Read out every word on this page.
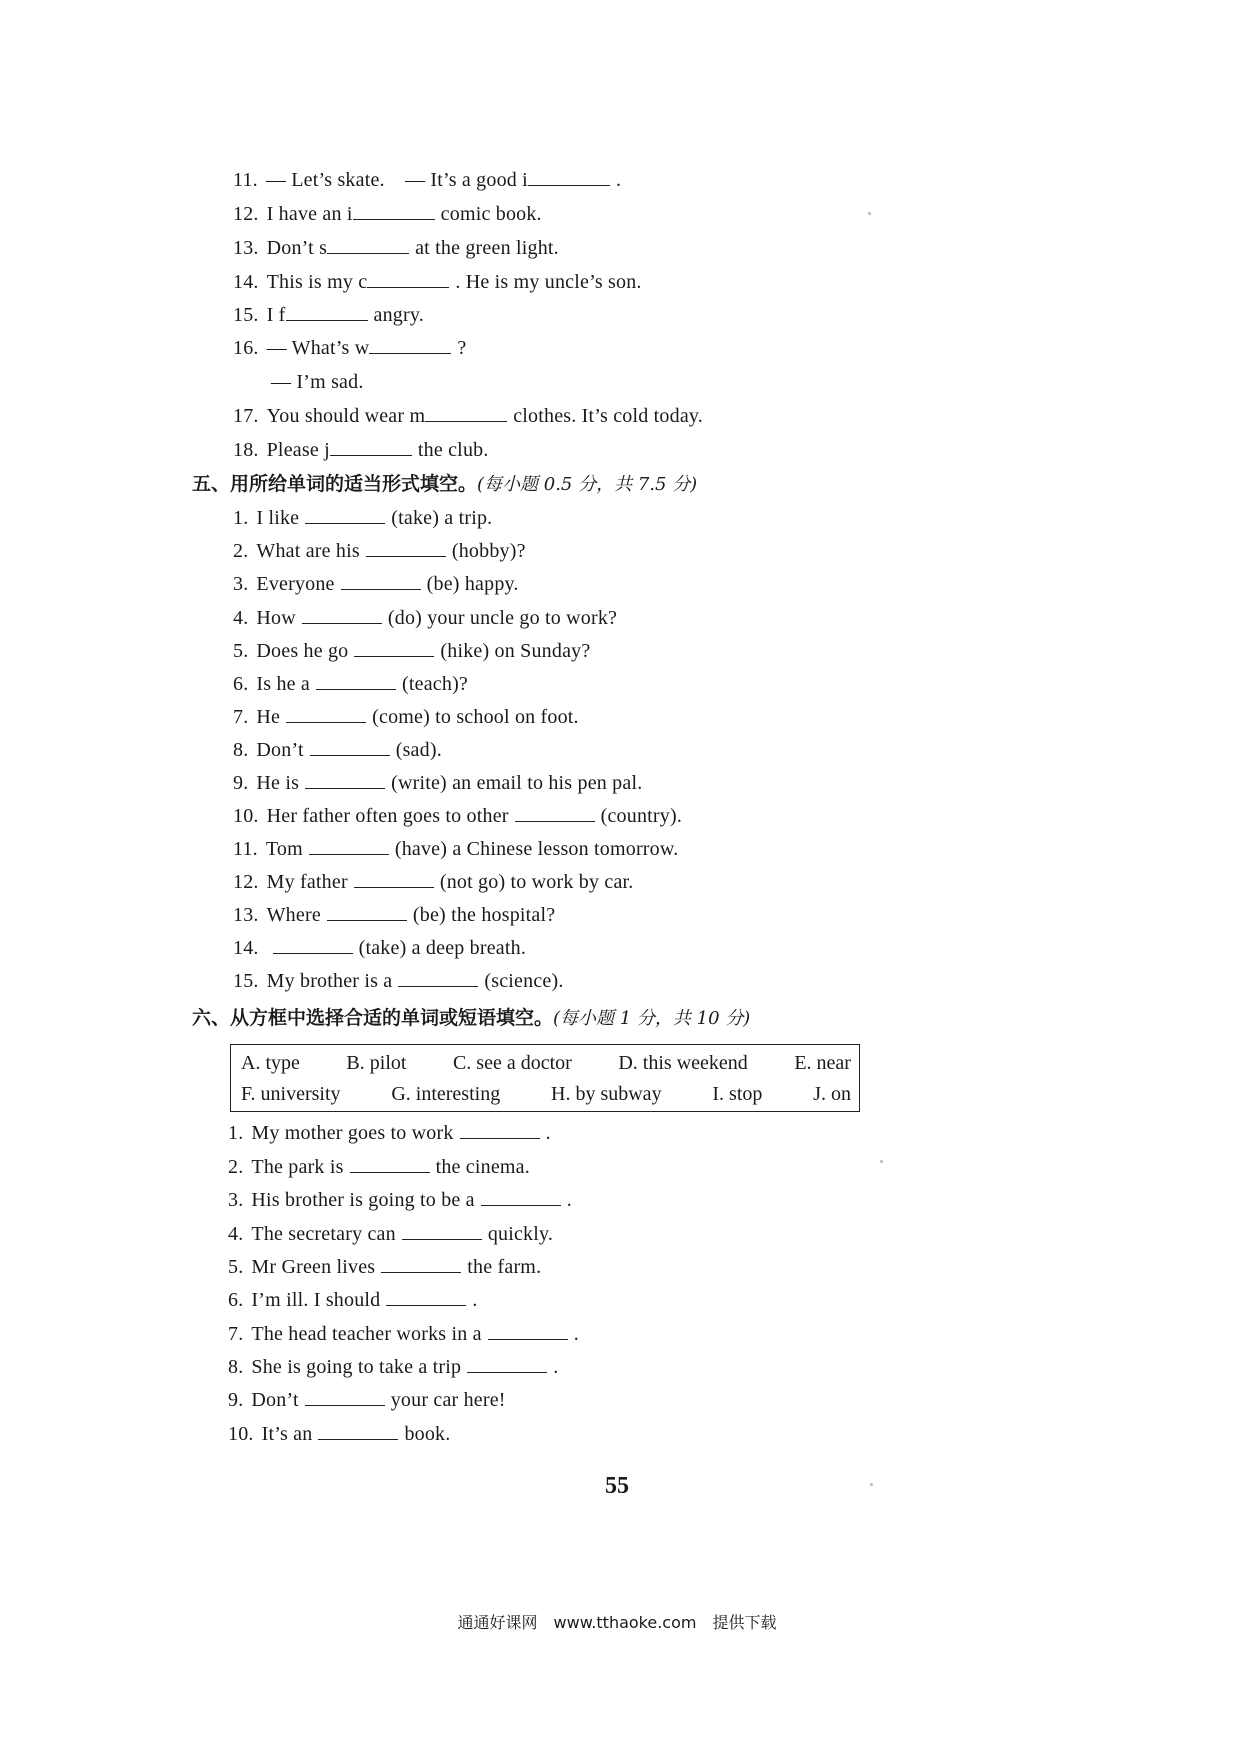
11. — Let’s skate.　— It’s a good i	.
12. I have an i	comic book.
13. Don’t s	at the green light.
14. This is my c	. He is my uncle’s son.
15. I f	angry.
16. — What’s w	?
— I’m sad.
17. You should wear m	clothes. It’s cold today.
18. Please j	the club.
五、用所给单词的适当形式填空。(每小题 0.5 分，共 7.5 分)
1. I like	(take) a trip.
2. What are his	(hobby)?
3. Everyone	(be) happy.
4. How	(do) your uncle go to work?
5. Does he go	(hike) on Sunday?
6. Is he a	(teach)?
7. He	(come) to school on foot.
8. Don’t	(sad).
9. He is	(write) an email to his pen pal.
10. Her father often goes to other	(country).
11. Tom	(have) a Chinese lesson tomorrow.
12. My father	(not go) to work by car.
13. Where	(be) the hospital?
14.	(take) a deep breath.
15. My brother is a	(science).
六、从方框中选择合适的单词或短语填空。(每小题 1 分，共 10 分)
A. type B. pilot C. see a doctor D. this weekend E. near
F. university	G. interesting	H. by subway	I. stop	J. on
1. My mother goes to work	.
2. The park is	the cinema.
3. His brother is going to be a	.
4. The secretary can	quickly.
5. Mr Green lives	the farm.
6. I’m ill. I should	.
7. The head teacher works in a	.
8. She is going to take a trip	.
9. Don’t	your car here!
10. It’s an	book.
55
通通好课网　www.tthaoke.com　提供下载
